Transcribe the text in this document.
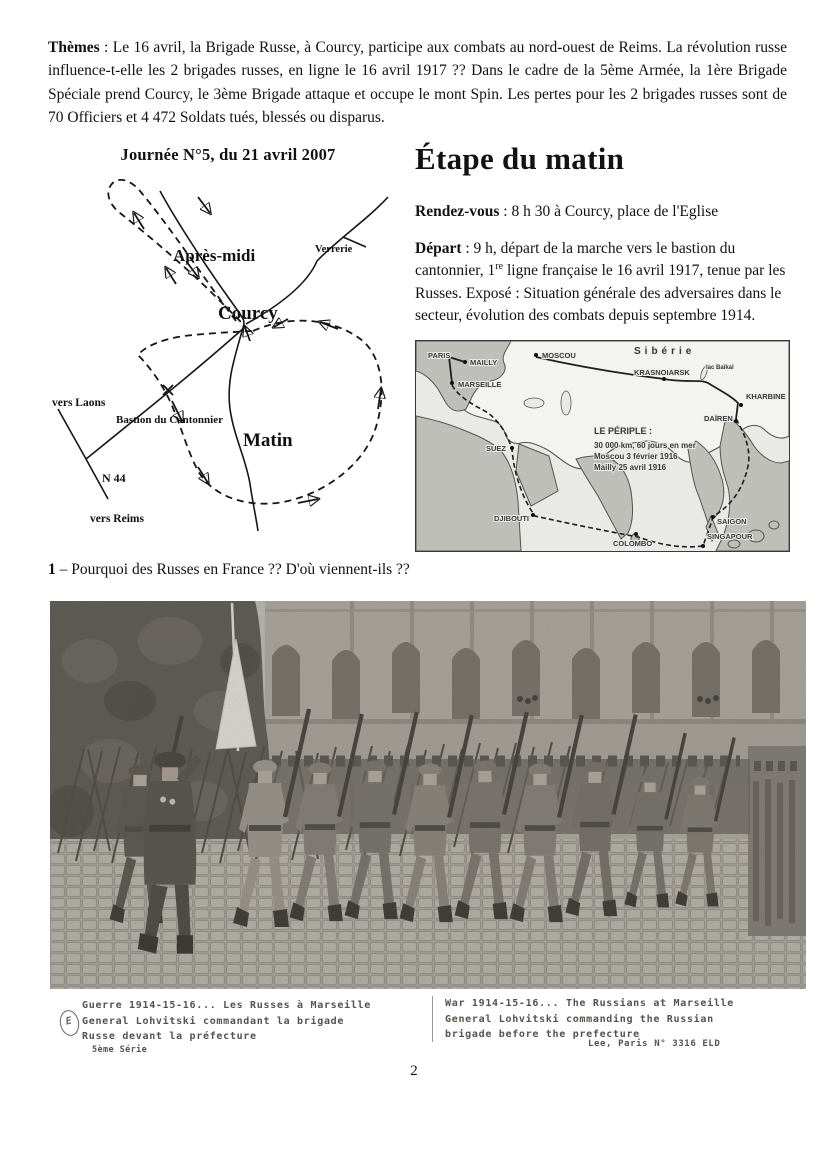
Thèmes : Le 16 avril, la Brigade Russe, à Courcy, participe aux combats au nord-ouest de Reims. La révolution russe influence-t-elle les 2 brigades russes, en ligne le 16 avril 1917 ?? Dans le cadre de la 5ème Armée, la 1ère Brigade Spéciale prend Courcy, le 3ème Brigade attaque et occupe le mont Spin. Les pertes pour les 2 brigades russes sont de 70 Officiers et 4 472 Soldats tués, blessés ou disparus.
Journée N°5, du 21 avril 2007
Après-midi	Verrerie
Courcy
vers Laons
Bastion du Cantonnier
Matin
N 44
vers Reims
Étape du matin
Rendez-vous : 8 h 30 à Courcy, place de l'Eglise
Départ : 9 h, départ de la marche vers le bastion du cantonnier, 1re ligne française le 16 avril 1917, tenue par les Russes. Exposé : Situation générale des adversaires dans le secteur, évolution des combats depuis septembre 1914.
Sibérie
PARIS
MAILLY
MARSEILLE
MOSCOU
KRASNOIARSK
KHARBINE
DAÏREN
SUEZ
DJIBOUTI
COLOMBO
SAIGON
SINGAPOUR
lac Baïkal
LE PÉRIPLE :
30 000 km, 60 jours en mer
Moscou 3 février 1916
Mailly 25 avril 1916
1 – Pourquoi des Russes en France ?? D'où viennent-ils ??
E
Guerre 1914-15-16... Les Russes à Marseille
General Lohvitski commandant la brigade
Russe devant la préfecture
War 1914-15-16... The Russians at Marseille
General Lohvitski commanding the Russian
brigade before the prefecture
5ème Série
Lee, Paris N° 3316 ELD
2
